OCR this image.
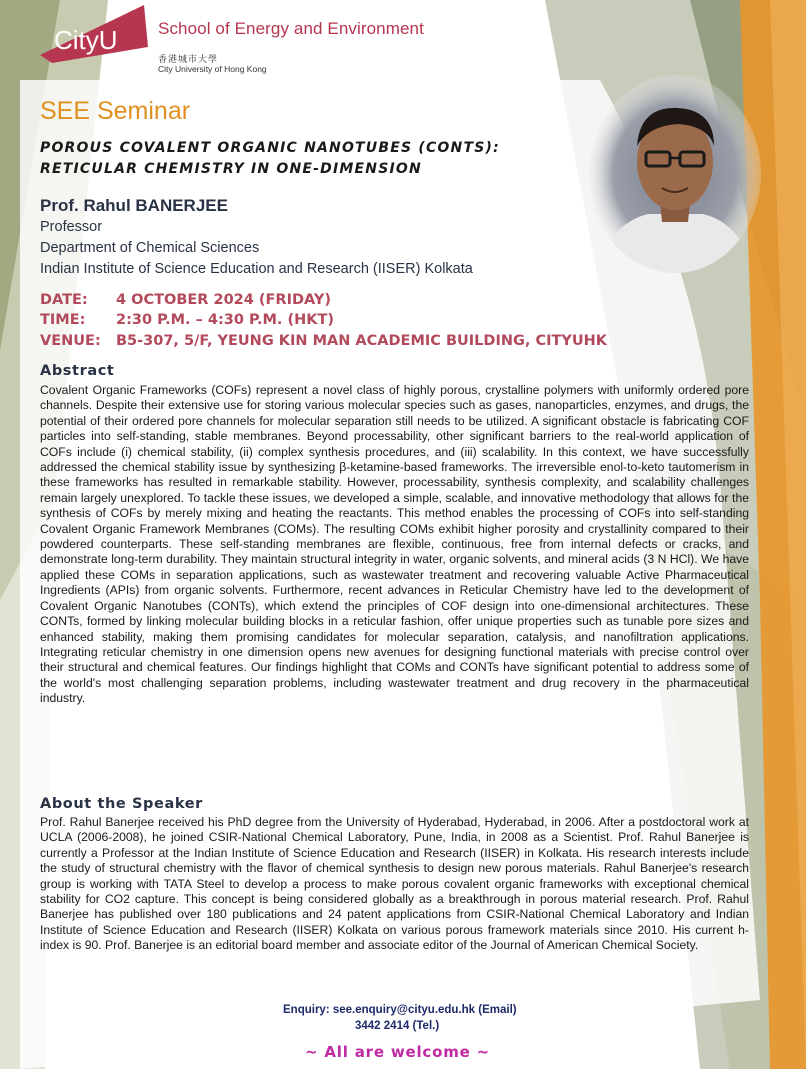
CityU School of Energy and Environment
香港城市大學
City University of Hong Kong
SEE Seminar
POROUS COVALENT ORGANIC NANOTUBES (CONTS):
RETICULAR CHEMISTRY IN ONE-DIMENSION
Prof. Rahul BANERJEE
Professor
Department of Chemical Sciences
Indian Institute of Science Education and Research (IISER) Kolkata
DATE: 4 OCTOBER 2024 (FRIDAY)
TIME: 2:30 P.M. – 4:30 P.M. (HKT)
VENUE: B5-307, 5/F, YEUNG KIN MAN ACADEMIC BUILDING, CITYUHK
Abstract
Covalent Organic Frameworks (COFs) represent a novel class of highly porous, crystalline polymers with uniformly ordered pore channels. Despite their extensive use for storing various molecular species such as gases, nanoparticles, enzymes, and drugs, the potential of their ordered pore channels for molecular separation still needs to be utilized. A significant obstacle is fabricating COF particles into self-standing, stable membranes. Beyond processability, other significant barriers to the real-world application of COFs include (i) chemical stability, (ii) complex synthesis procedures, and (iii) scalability. In this context, we have successfully addressed the chemical stability issue by synthesizing β-ketamine-based frameworks. The irreversible enol-to-keto tautomerism in these frameworks has resulted in remarkable stability. However, processability, synthesis complexity, and scalability challenges remain largely unexplored. To tackle these issues, we developed a simple, scalable, and innovative methodology that allows for the synthesis of COFs by merely mixing and heating the reactants. This method enables the processing of COFs into self-standing Covalent Organic Framework Membranes (COMs). The resulting COMs exhibit higher porosity and crystallinity compared to their powdered counterparts. These self-standing membranes are flexible, continuous, free from internal defects or cracks, and demonstrate long-term durability. They maintain structural integrity in water, organic solvents, and mineral acids (3 N HCl). We have applied these COMs in separation applications, such as wastewater treatment and recovering valuable Active Pharmaceutical Ingredients (APIs) from organic solvents. Furthermore, recent advances in Reticular Chemistry have led to the development of Covalent Organic Nanotubes (CONTs), which extend the principles of COF design into one-dimensional architectures. These CONTs, formed by linking molecular building blocks in a reticular fashion, offer unique properties such as tunable pore sizes and enhanced stability, making them promising candidates for molecular separation, catalysis, and nanofiltration applications. Integrating reticular chemistry in one dimension opens new avenues for designing functional materials with precise control over their structural and chemical features. Our findings highlight that COMs and CONTs have significant potential to address some of the world's most challenging separation problems, including wastewater treatment and drug recovery in the pharmaceutical industry.
About the Speaker
Prof. Rahul Banerjee received his PhD degree from the University of Hyderabad, Hyderabad, in 2006. After a postdoctoral work at UCLA (2006-2008), he joined CSIR-National Chemical Laboratory, Pune, India, in 2008 as a Scientist. Prof. Rahul Banerjee is currently a Professor at the Indian Institute of Science Education and Research (IISER) in Kolkata. His research interests include the study of structural chemistry with the flavor of chemical synthesis to design new porous materials. Rahul Banerjee's research group is working with TATA Steel to develop a process to make porous covalent organic frameworks with exceptional chemical stability for CO2 capture. This concept is being considered globally as a breakthrough in porous material research. Prof. Rahul Banerjee has published over 180 publications and 24 patent applications from CSIR-National Chemical Laboratory and Indian Institute of Science Education and Research (IISER) Kolkata on various porous framework materials since 2010. His current h-index is 90. Prof. Banerjee is an editorial board member and associate editor of the Journal of American Chemical Society.
Enquiry: see.enquiry@cityu.edu.hk (Email)
3442 2414 (Tel.)
~ All are welcome ~
